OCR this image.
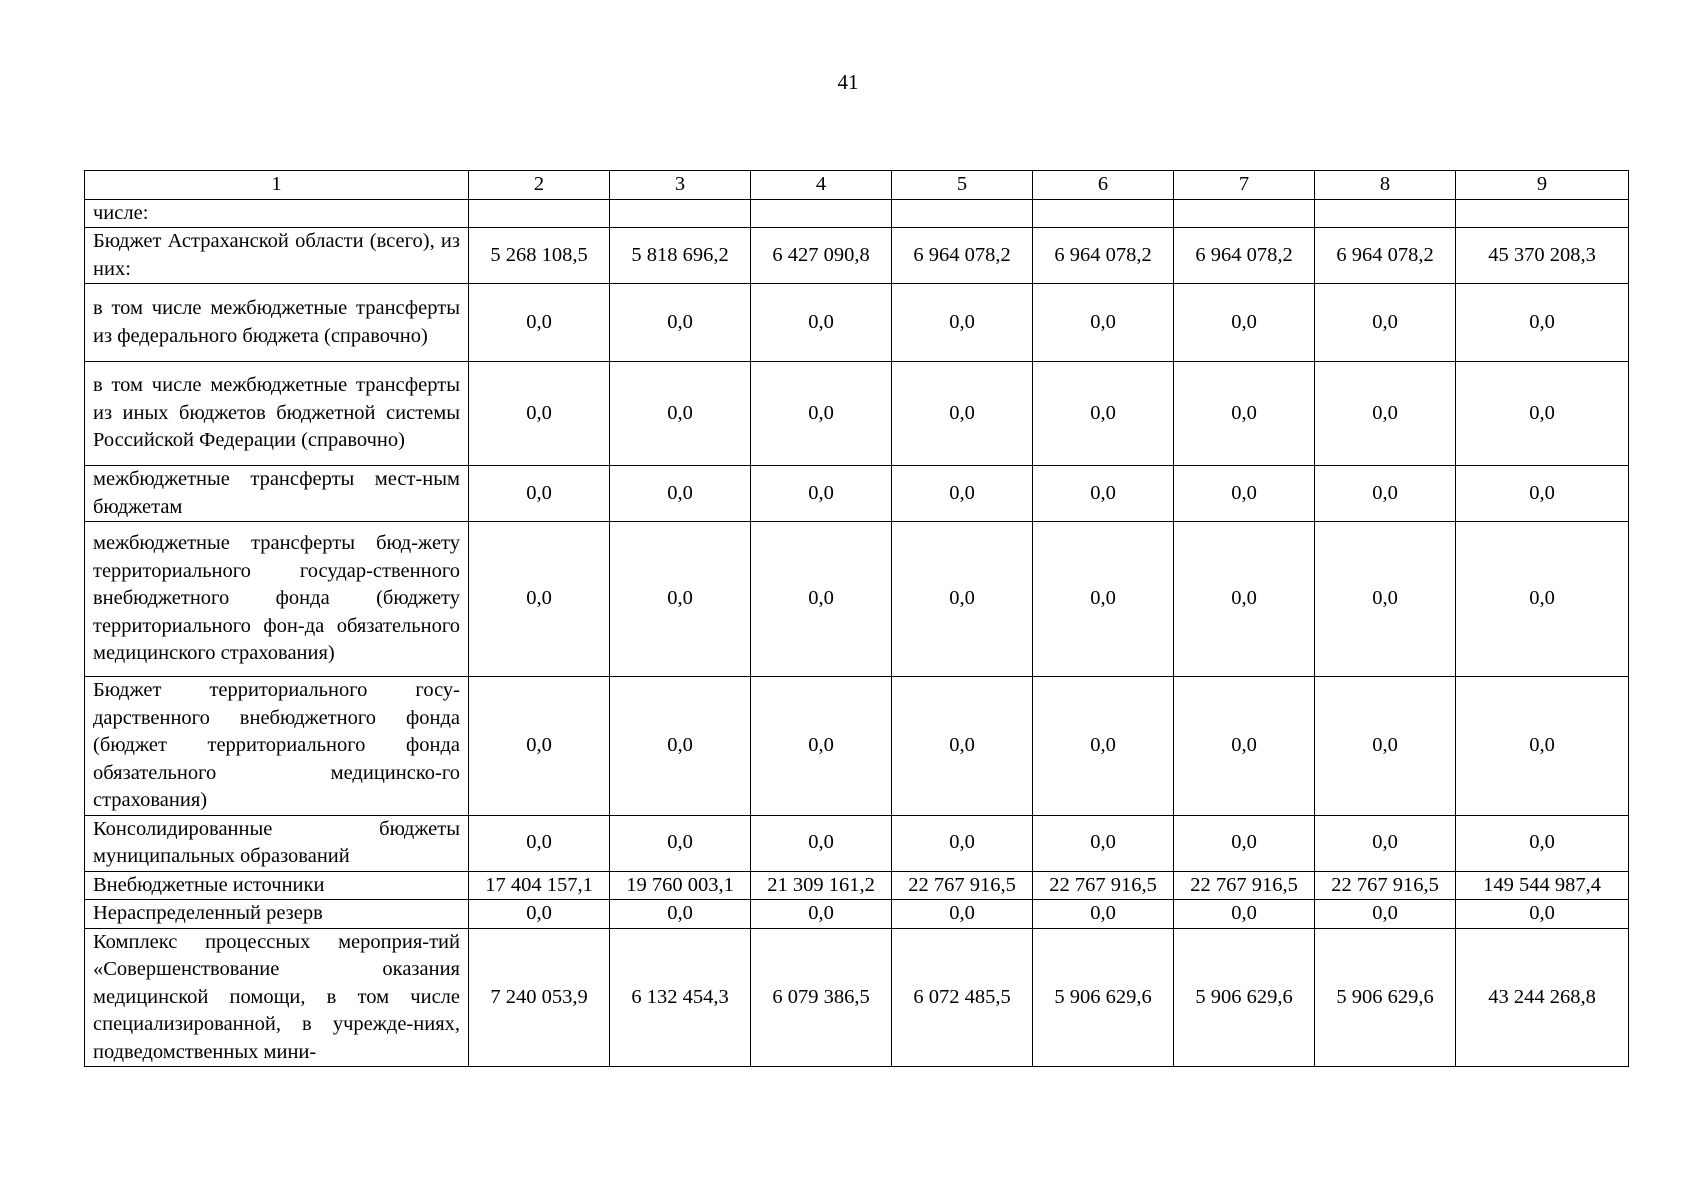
41
1	2	3	4	5	6	7	8	9
числе:								
Бюджет Астраханской области (всего), из них:	5 268 108,5	5 818 696,2	6 427 090,8	6 964 078,2	6 964 078,2	6 964 078,2	6 964 078,2	45 370 208,3
в том числе межбюджетные трансферты из федерального бюджета (справочно)	0,0	0,0	0,0	0,0	0,0	0,0	0,0	0,0
в том числе межбюджетные трансферты из иных бюджетов бюджетной системы Российской Федерации (справочно)	0,0	0,0	0,0	0,0	0,0	0,0	0,0	0,0
межбюджетные трансферты мест-ным бюджетам	0,0	0,0	0,0	0,0	0,0	0,0	0,0	0,0
межбюджетные трансферты бюд-жету территориального государ-ственного внебюджетного фонда (бюджету территориального фон-да обязательного медицинского страхования)	0,0	0,0	0,0	0,0	0,0	0,0	0,0	0,0
Бюджет территориального госу-дарственного внебюджетного фонда (бюджет территориального фонда обязательного медицинско-го страхования)	0,0	0,0	0,0	0,0	0,0	0,0	0,0	0,0
Консолидированные бюджеты муниципальных образований	0,0	0,0	0,0	0,0	0,0	0,0	0,0	0,0
Внебюджетные источники	17 404 157,1	19 760 003,1	21 309 161,2	22 767 916,5	22 767 916,5	22 767 916,5	22 767 916,5	149 544 987,4
Нераспределенный резерв	0,0	0,0	0,0	0,0	0,0	0,0	0,0	0,0
Комплекс процессных мероприя-тий «Совершенствование оказания медицинской помощи, в том числе специализированной, в учрежде-ниях, подведомственных мини-	7 240 053,9	6 132 454,3	6 079 386,5	6 072 485,5	5 906 629,6	5 906 629,6	5 906 629,6	43 244 268,8
